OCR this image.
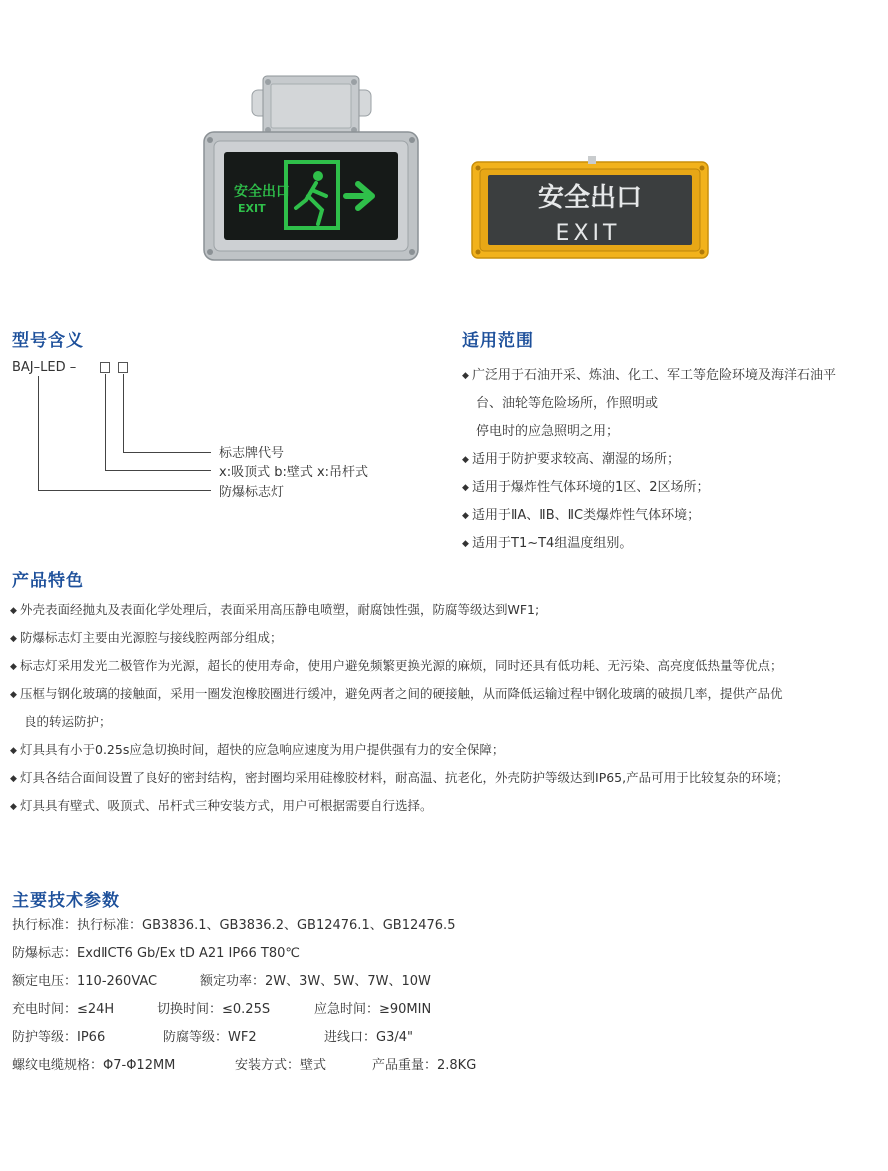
安全出口
EXIT	安全出口
EXIT
型号含义
BAJ–LED –
标志牌代号
x:吸顶式 b:壁式 x:吊杆式
防爆标志灯
适用范围
◆ 广泛用于石油开采、炼油、化工、军工等危险环境及海洋石油平
台、油轮等危险场所，作照明或
停电时的应急照明之用；
◆ 适用于防护要求较高、潮湿的场所；
◆ 适用于爆炸性气体环境的1区、2区场所；
◆ 适用于ⅡA、ⅡB、ⅡC类爆炸性气体环境；
◆ 适用于T1~T4组温度组别。
产品特色
◆ 外壳表面经抛丸及表面化学处理后，表面采用高压静电喷塑，耐腐蚀性强，防腐等级达到WF1;
◆ 防爆标志灯主要由光源腔与接线腔两部分组成；
◆ 标志灯采用发光二极管作为光源，超长的使用寿命，使用户避免频繁更换光源的麻烦，同时还具有低功耗、无污染、高亮度低热量等优点；
◆ 压框与钢化玻璃的接触面，采用一圈发泡橡胶圈进行缓冲，避免两者之间的硬接触，从而降低运输过程中钢化玻璃的破损几率，提供产品优
良的转运防护；
◆ 灯具具有小于0.25s应急切换时间，超快的应急响应速度为用户提供强有力的安全保障；
◆ 灯具各结合面间设置了良好的密封结构，密封圈均采用硅橡胶材料，耐高温、抗老化，外壳防护等级达到IP65,产品可用于比较复杂的环境；
◆ 灯具具有壁式、吸顶式、吊杆式三种安装方式，用户可根据需要自行选择。
主要技术参数
执行标准：执行标准：GB3836.1、GB3836.2、GB12476.1、GB12476.5
防爆标志：ExdⅡCT6 Gb/Ex tD A21 IP66 T80℃
额定电压：110-260VAC	额定功率：2W、3W、5W、7W、10W
充电时间：≤24H	切换时间：≤0.25S	应急时间：≥90MIN
防护等级：IP66	防腐等级：WF2	进线口：G3/4"
螺纹电缆规格：Φ7-Φ12MM	安装方式：壁式	产品重量：2.8KG
